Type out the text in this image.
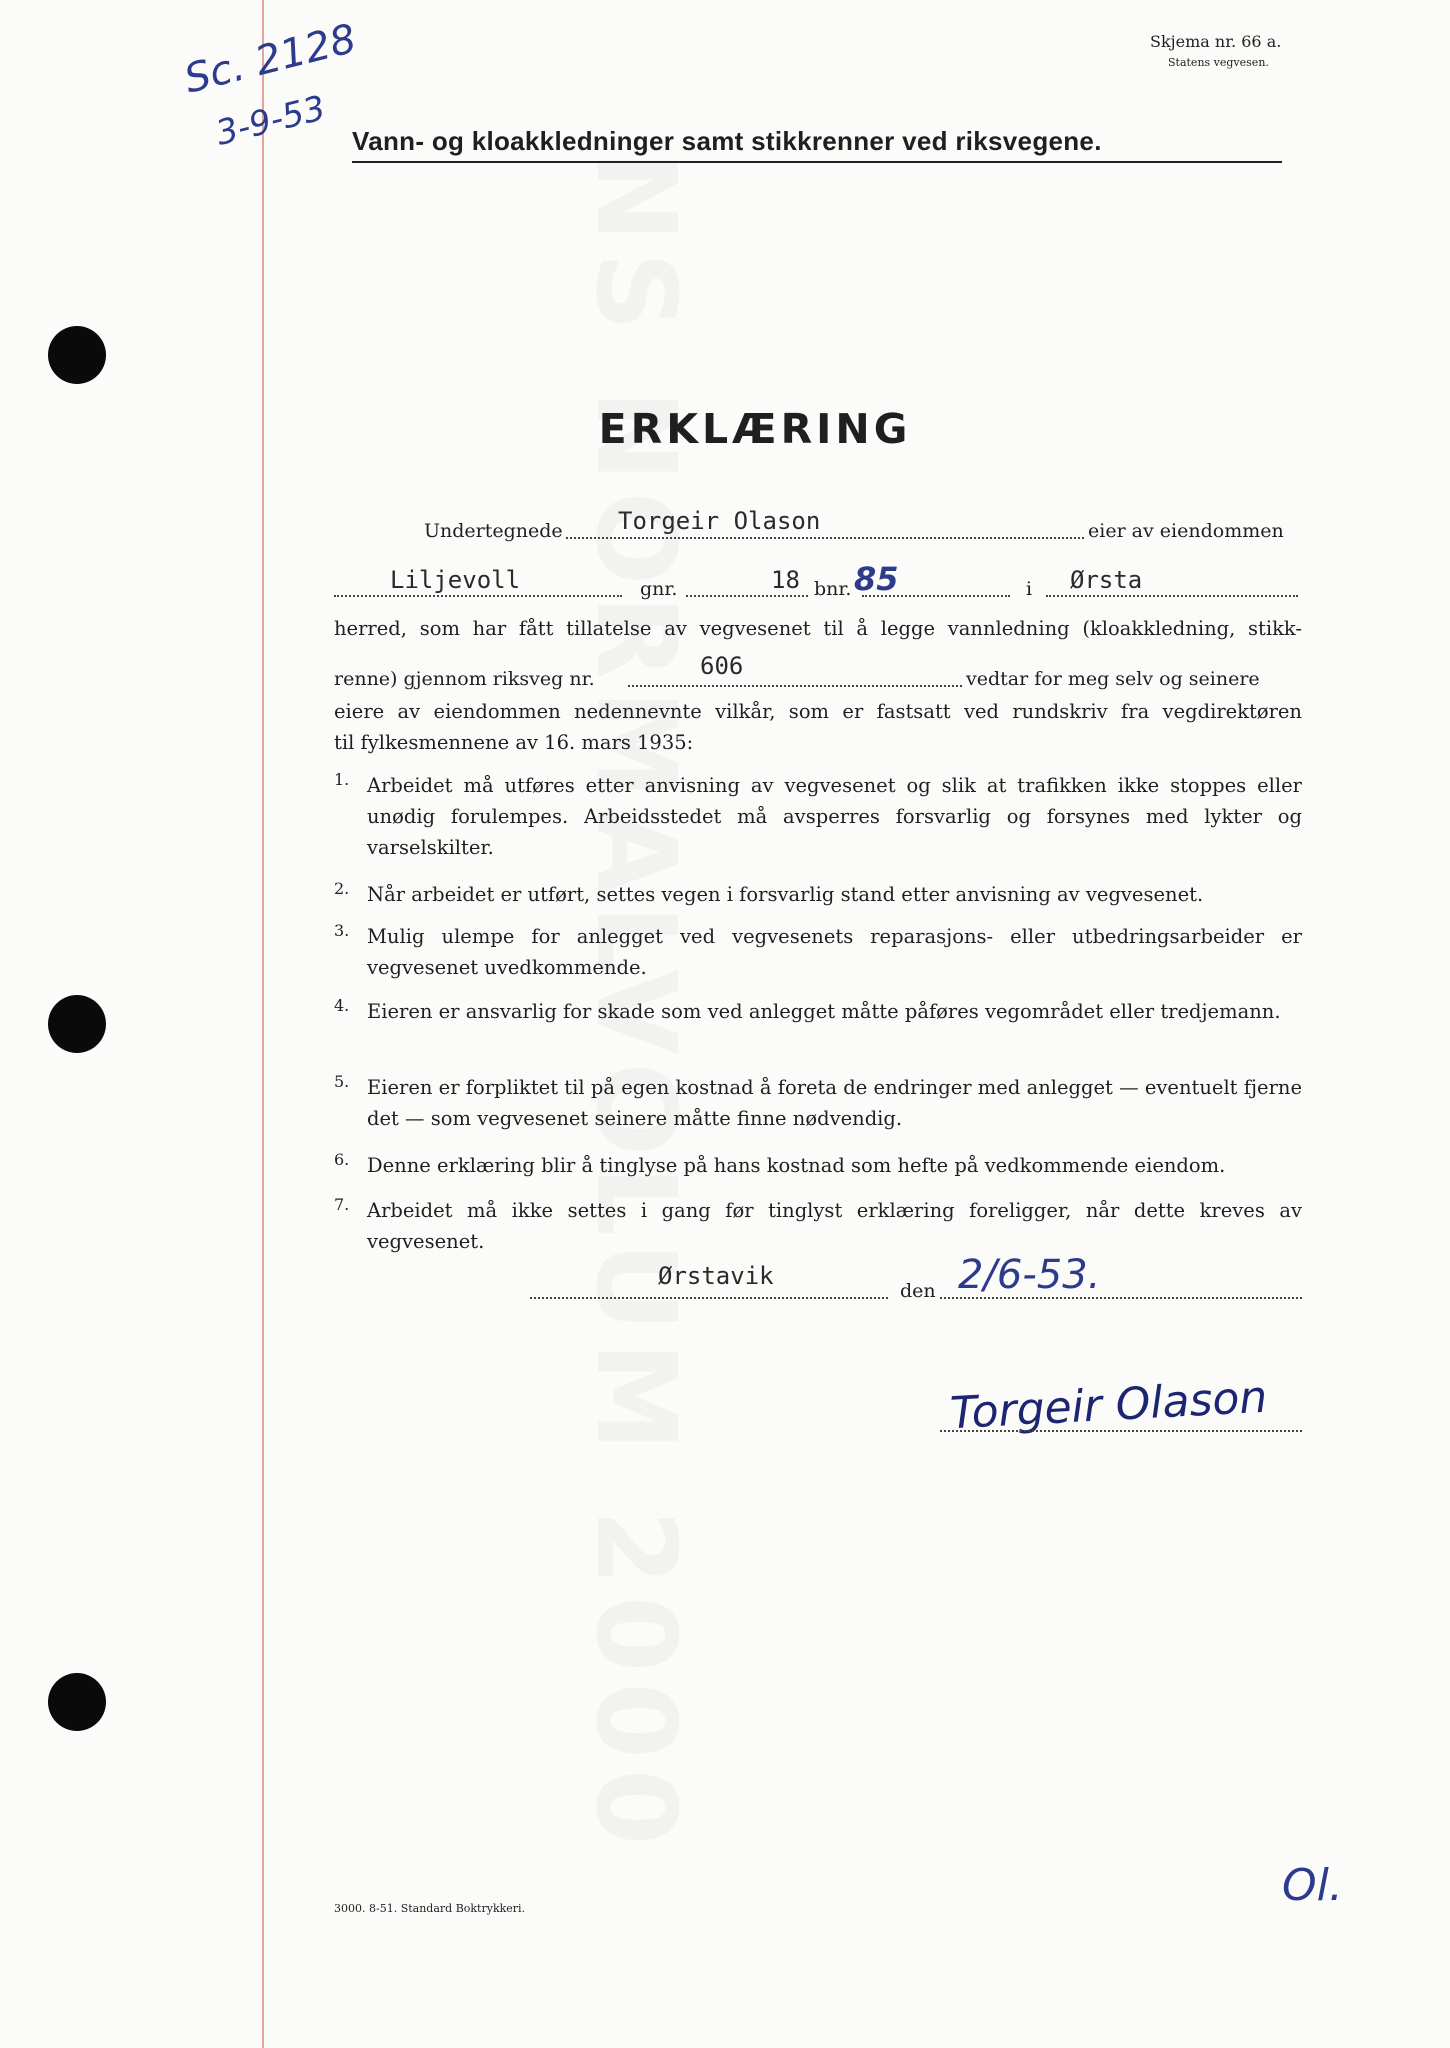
Sc. 2128
3-9-53
Skjema nr. 66 a.
Statens vegvesen.
Vann- og kloakkledninger samt stikkrenner ved riksvegene.
ERKLÆRING
Undertegnede Torgeir Olason	eier av eiendommen
Liljevoll	gnr.	18 bnr. 85	i Ørsta
herred, som har fått tillatelse av vegvesenet til å legge vannledning (kloakkledning, stikk-
renne) gjennom riksveg nr.	606	vedtar for meg selv og seinere
eiere av eiendommen nedennevnte vilkår, som er fastsatt ved rundskriv fra vegdirektøren
til fylkesmennene av 16. mars 1935:
1. Arbeidet må utføres etter anvisning av vegvesenet og slik at trafikken ikke stoppes eller unødig forulempes. Arbeidsstedet må avsperres forsvarlig og forsynes med lykter og varselskilter.

2. Når arbeidet er utført, settes vegen i forsvarlig stand etter anvisning av vegvesenet.

3. Mulig ulempe for anlegget ved vegvesenets reparasjons- eller utbedringsarbeider er vegvesenet uvedkommende.

4. Eieren er ansvarlig for skade som ved anlegget måtte påføres vegområdet eller tredjemann.

5. Eieren er forpliktet til på egen kostnad å foreta de endringer med anlegget — eventuelt fjerne det — som vegvesenet seinere måtte finne nødvendig.

6. Denne erklæring blir å tinglyse på hans kostnad som hefte på vedkommende eiendom.

7. Arbeidet må ikke settes i gang før tinglyst erklæring foreligger, når dette kreves av vegvesenet.

Ørstavik
den 2/6-53.
Torgeir Olason
3000. 8-51. Standard Boktrykkeri.	Ol.
